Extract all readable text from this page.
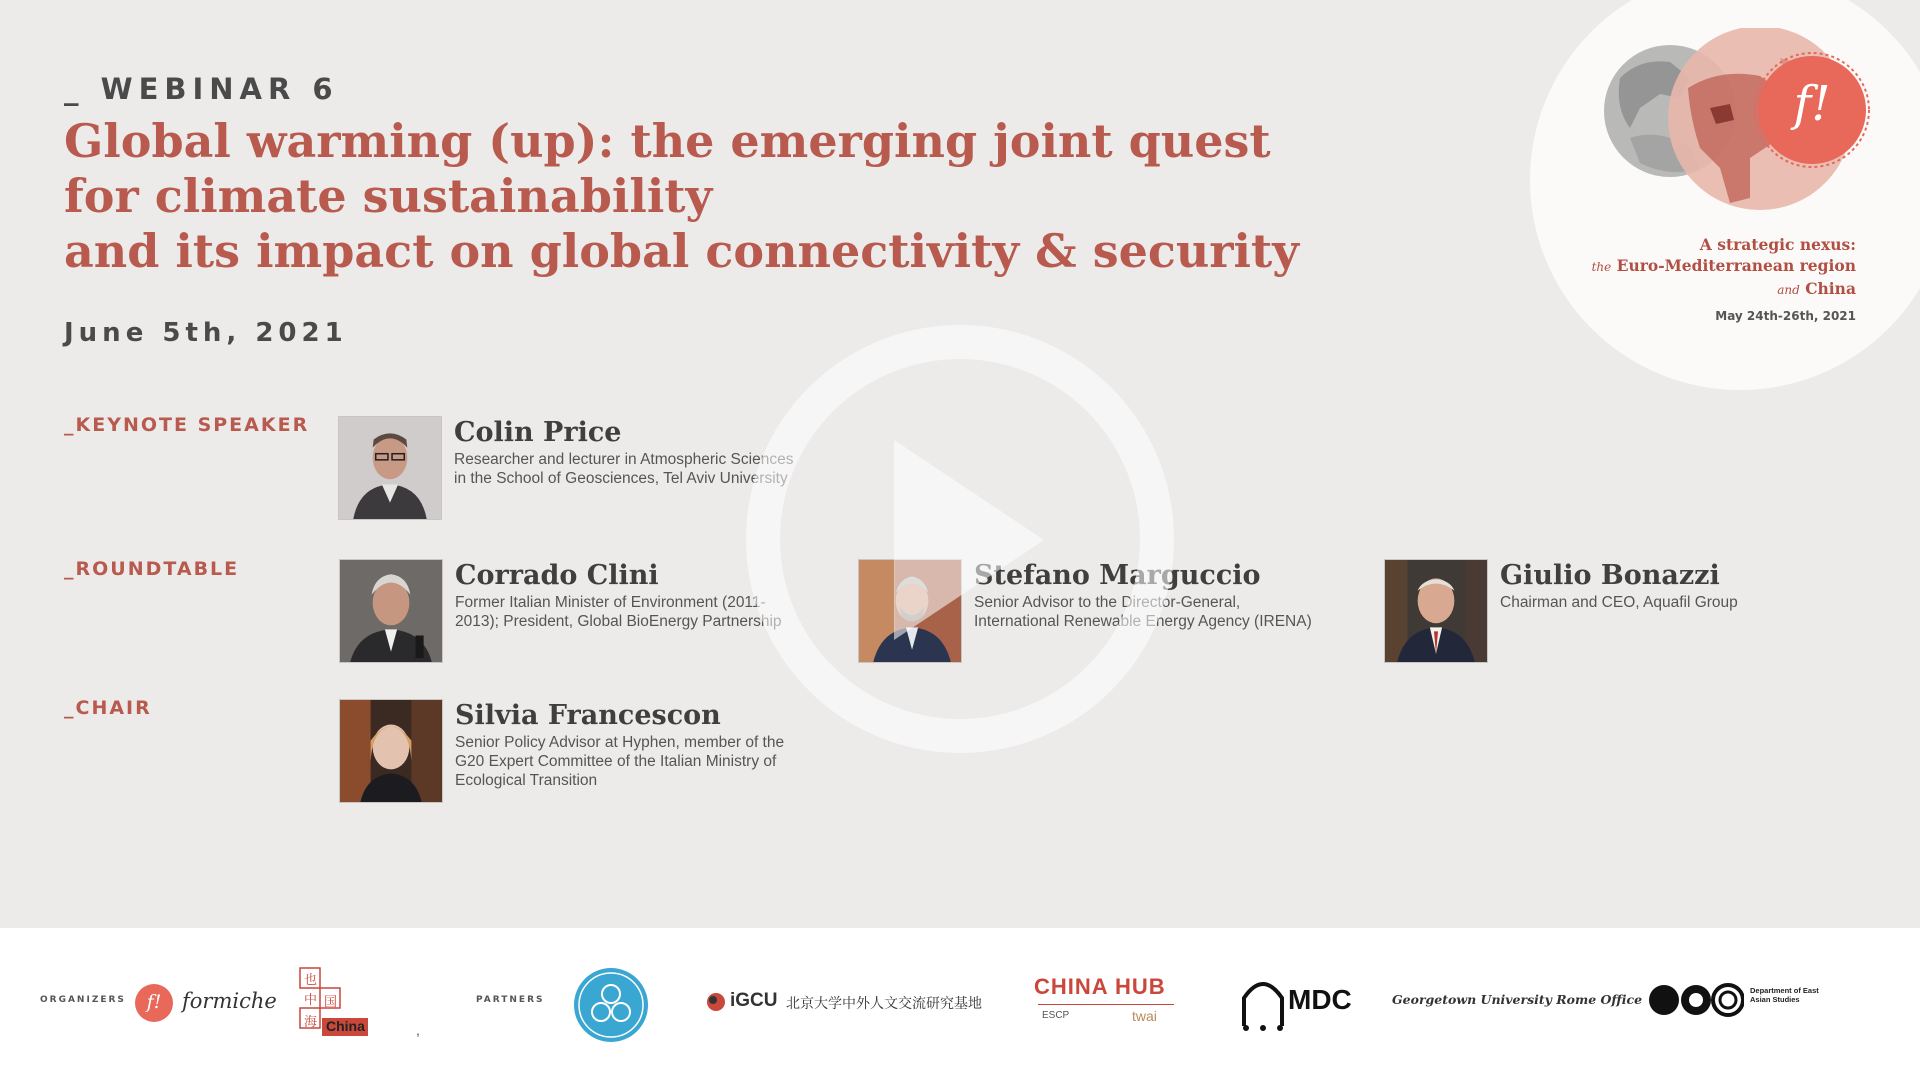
_ WEBINAR 6
Global warming (up): the emerging joint quest
for climate sustainability
and its impact on global connectivity & security
June 5th, 2021
_KEYNOTE SPEAKER
_ROUNDTABLE
_CHAIR
Colin Price
Researcher and lecturer in Atmospheric Sciences in the School of Geosciences, Tel Aviv University
Corrado Clini
Former Italian Minister of Environment (2011-2013); President, Global BioEnergy Partnership
Stefano Marguccio
Senior Advisor to the Director-General, International Renewable Energy Agency (IRENA)
Giulio Bonazzi
Chairman and CEO, Aquafil Group
Silvia Francescon
Senior Policy Advisor at Hyphen, member of the G20 Expert Committee of the Italian Ministry of Ecological Transition
f!
A strategic nexus:
the Euro-Mediterranean region
and China
May 24th-26th, 2021
ORGANIZERS	f! formiche
也
中 国
海 China	,
PARTNERS	iGCU 北京大学中外人文交流研究基地
CHINA HUB
ESCP	twai
MDC	Georgetown University Rome Office
Department of East Asian Studies
